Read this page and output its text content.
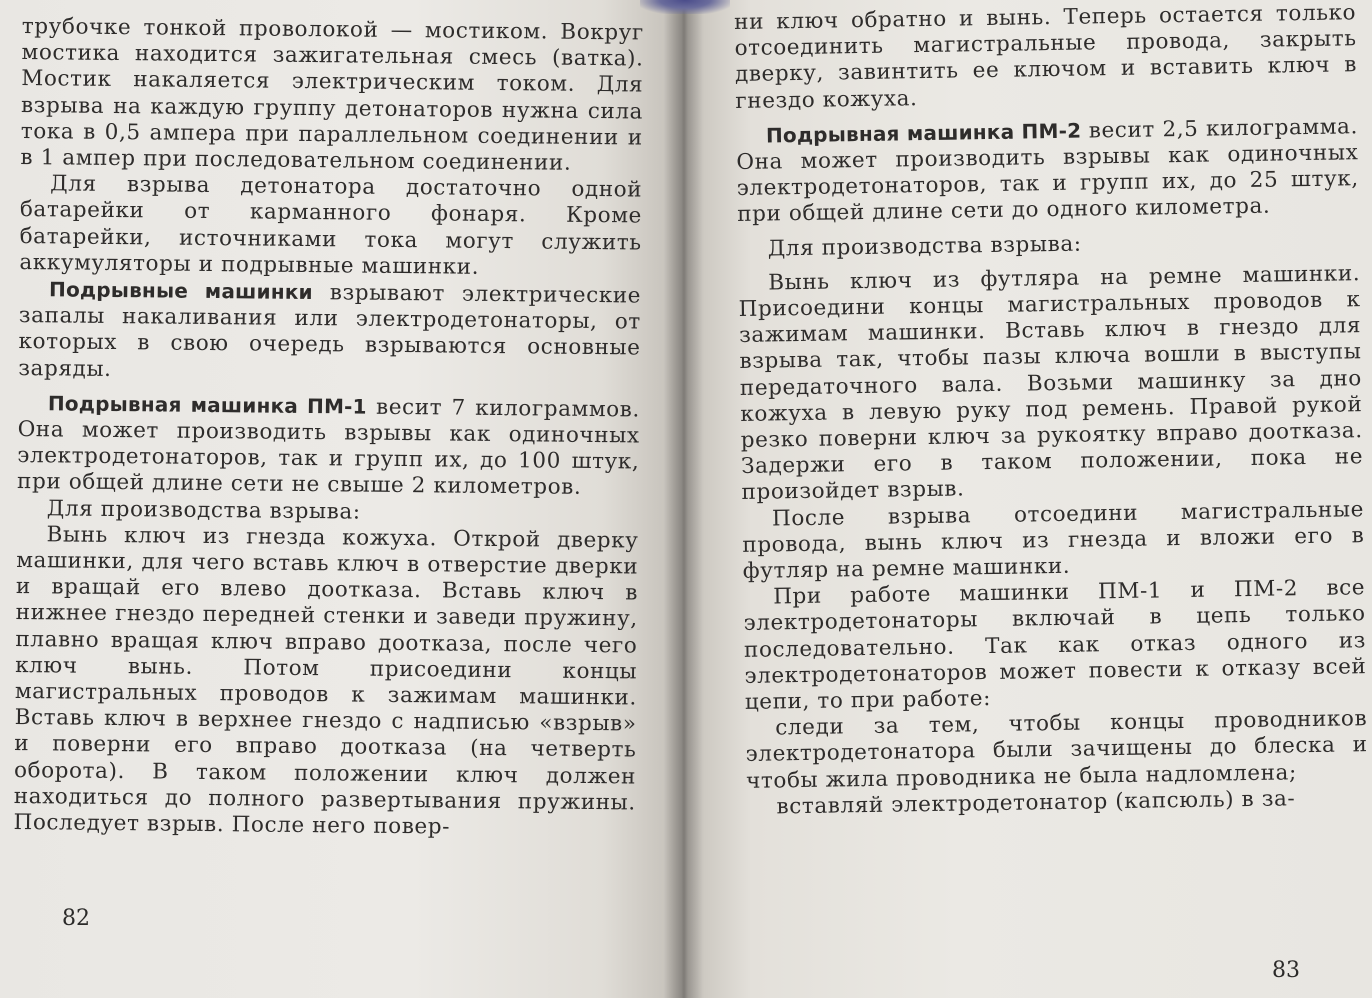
трубочке тонкой проволокой — мостиком. Вокруг мостика находится зажигательная смесь (ватка). Мостик накаляется электрическим током. Для взрыва на каждую группу детонаторов нужна сила тока в 0,5 ампера при параллельном соединении и в 1 ампер при последовательном соединении.

Для взрыва детонатора достаточно одной батарейки от карманного фонаря. Кроме батарейки, источниками тока могут служить аккумуляторы и подрывные машинки.

Подрывные машинки взрывают электрические запалы накаливания или электродетонаторы, от которых в свою очередь взрываются основные заряды.

Подрывная машинка ПМ-1 весит 7 килограммов. Она может производить взрывы как одиночных электродетонаторов, так и групп их, до 100 штук, при общей длине сети не свыше 2 километров.

Для производства взрыва:

Вынь ключ из гнезда кожуха. Открой дверку машинки, для чего вставь ключ в отверстие дверки и вращай его влево доотказа. Вставь ключ в нижнее гнездо передней стенки и заведи пружину, плавно вращая ключ вправо доотказа, после чего ключ вынь. Потом присоедини концы магистральных проводов к зажимам машинки. Вставь ключ в верхнее гнездо с надписью «взрыв» и поверни его вправо доотказа (на четверть оборота). В таком положении ключ должен находиться до полного развертывания пружины. Последует взрыв. После него повер-

82

ни ключ обратно и вынь. Теперь остается только отсоединить магистральные провода, закрыть дверку, завинтить ее ключом и вставить ключ в гнездо кожуха.

Подрывная машинка ПМ-2 весит 2,5 килограмма. Она может производить взрывы как одиночных электродетонаторов, так и групп их, до 25 штук, при общей длине сети до одного километра.

Для производства взрыва:

Вынь ключ из футляра на ремне машинки. Присоедини концы магистральных проводов к зажимам машинки. Вставь ключ в гнездо для взрыва так, чтобы пазы ключа вошли в выступы передаточного вала. Возьми машинку за дно кожуха в левую руку под ремень. Правой рукой резко поверни ключ за рукоятку вправо доотказа. Задержи его в таком положении, пока не произойдет взрыв.

После взрыва отсоедини магистральные провода, вынь ключ из гнезда и вложи его в футляр на ремне машинки.

При работе машинки ПМ-1 и ПМ-2 все электродетонаторы включай в цепь только последовательно. Так как отказ одного из электродетонаторов может повести к отказу всей цепи, то при работе:

следи за тем, чтобы концы проводников электродетонатора были зачищены до блеска и чтобы жила проводника не была надломлена;

вставляй электродетонатор (капсюль) в за-

83
